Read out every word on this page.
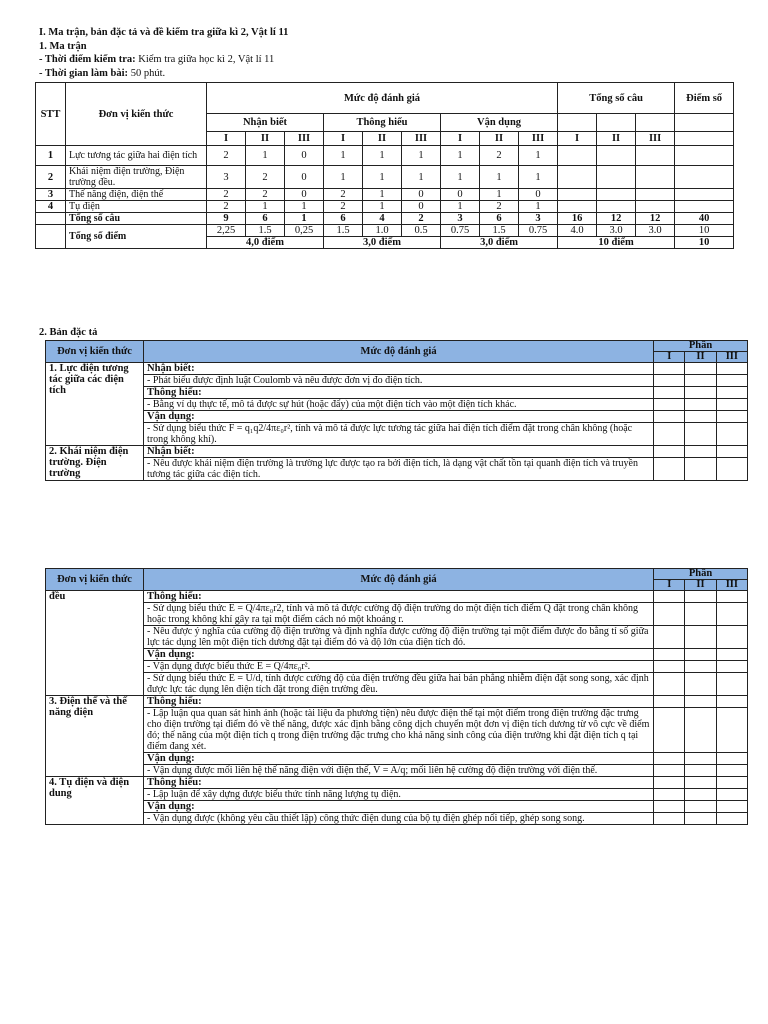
I. Ma trận, bản đặc tả và đề kiểm tra giữa kì 2, Vật lí 11
1. Ma trận
- Thời điểm kiểm tra: Kiểm tra giữa học kì 2, Vật lí 11
- Thời gian làm bài: 50 phút.
STT	Đơn vị kiến thức	Mức độ đánh giá									Tổng số câu			Điểm số
		Nhận biết			Thông hiểu			Vận dụng						
		I	II	III	I	II	III	I	II	III	I	II	III	
1	Lực tương tác giữa hai điện tích	2	1	0	1	1	1	1	2	1				
2	Khái niệm điện trường, Điện trường đều.	3	2	0	1	1	1	1	1	1				
3	Thế năng điện, điện thế	2	2	0	2	1	0	0	1	0				
4	Tụ điện	2	1	1	2	1	0	1	2	1				
	Tổng số câu	9	6	1	6	4	2	3	6	3	16	12	12	40
	Tổng số điểm	2,25	1.5	0,25	1.5	1.0	0.5	0.75	1.5	0.75	4.0	3.0	3.0	10
		4,0 điểm			3,0 điểm			3,0 điểm			10 điểm			10
2. Bản đặc tả
Đơn vị kiến thức	Mức độ đánh giá	Phần		
		I	II	III
1. Lực điện tương tác giữa các điện tích	Nhận biết:			
	- Phát biểu được định luật Coulomb và nêu được đơn vị đo điện tích.			
	Thông hiểu:			
	- Bằng ví dụ thực tế, mô tả được sự hút (hoặc đẩy) của một điện tích vào một điện tích khác.			
	Vận dụng:			
	- Sử dụng biểu thức F = q₁q2/4πε₀r², tính và mô tả được lực tương tác giữa hai điện tích điểm đặt trong chân không (hoặc trong không khí).			
2. Khái niệm điện trường. Điện trường	Nhận biết:			
	- Nêu được khái niệm điện trường là trường lực được tạo ra bởi điện tích, là dạng vật chất tồn tại quanh điện tích và truyền tương tác giữa các điện tích.			
Đơn vị kiến thức	Mức độ đánh giá	Phần		
		I	II	III
đều	Thông hiểu:			
	- Sử dụng biểu thức E = Q/4πε₀r2, tính và mô tả được cường độ điện trường do một điện tích điểm Q đặt trong chân không hoặc trong không khí gây ra tại một điểm cách nó một khoảng r.			
	- Nêu được ý nghĩa của cường độ điện trường và định nghĩa được cường độ điện trường tại một điểm được đo bằng tỉ số giữa lực tác dụng lên một điện tích dương đặt tại điểm đó và độ lớn của điện tích đó.			
	Vận dụng:			
	- Vận dụng được biểu thức E = Q/4πε₀r².			
	- Sử dụng biểu thức E = U/d, tính được cường độ của điện trường đều giữa hai bản phẳng nhiễm điện đặt song song, xác định được lực tác dụng lên điện tích đặt trong điện trường đều.			
3. Điện thế và thế năng điện	Thông hiểu:			
	- Lập luận qua quan sát hình ảnh (hoặc tài liệu đa phương tiện) nêu được điện thế tại một điểm trong điện trường đặc trưng cho điện trường tại điểm đó về thế năng, được xác định bằng công dịch chuyển một đơn vị điện tích dương từ vô cực về điểm đó; thế năng của một điện tích q trong điện trường đặc trưng cho khả năng sinh công của điện trường khi đặt điện tích q tại điểm đang xét.			
	Vận dụng:			
	- Vận dụng được mối liên hệ thế năng điện với điện thế, V = A/q; mối liên hệ cường độ điện trường với điện thế.			
4. Tụ điện và điện dung	Thông hiểu:			
	- Lập luận để xây dựng được biểu thức tính năng lượng tụ điện.			
	Vận dụng:			
	- Vận dụng được (không yêu cầu thiết lập) công thức điện dung của bộ tụ điện ghép nối tiếp, ghép song song.			
